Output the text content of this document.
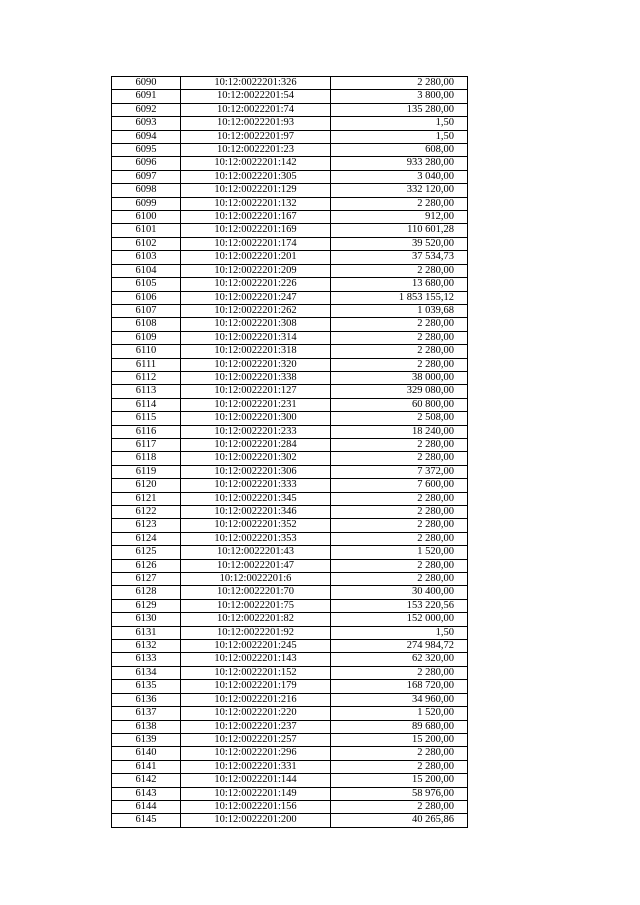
6090	10:12:0022201:326	2 280,00
6091	10:12:0022201:54	3 800,00
6092	10:12:0022201:74	135 280,00
6093	10:12:0022201:93	1,50
6094	10:12:0022201:97	1,50
6095	10:12:0022201:23	608,00
6096	10:12:0022201:142	933 280,00
6097	10:12:0022201:305	3 040,00
6098	10:12:0022201:129	332 120,00
6099	10:12:0022201:132	2 280,00
6100	10:12:0022201:167	912,00
6101	10:12:0022201:169	110 601,28
6102	10:12:0022201:174	39 520,00
6103	10:12:0022201:201	37 534,73
6104	10:12:0022201:209	2 280,00
6105	10:12:0022201:226	13 680,00
6106	10:12:0022201:247	1 853 155,12
6107	10:12:0022201:262	1 039,68
6108	10:12:0022201:308	2 280,00
6109	10:12:0022201:314	2 280,00
6110	10:12:0022201:318	2 280,00
6111	10:12:0022201:320	2 280,00
6112	10:12:0022201:338	38 000,00
6113	10:12:0022201:127	329 080,00
6114	10:12:0022201:231	60 800,00
6115	10:12:0022201:300	2 508,00
6116	10:12:0022201:233	18 240,00
6117	10:12:0022201:284	2 280,00
6118	10:12:0022201:302	2 280,00
6119	10:12:0022201:306	7 372,00
6120	10:12:0022201:333	7 600,00
6121	10:12:0022201:345	2 280,00
6122	10:12:0022201:346	2 280,00
6123	10:12:0022201:352	2 280,00
6124	10:12:0022201:353	2 280,00
6125	10:12:0022201:43	1 520,00
6126	10:12:0022201:47	2 280,00
6127	10:12:0022201:6	2 280,00
6128	10:12:0022201:70	30 400,00
6129	10:12:0022201:75	153 220,56
6130	10:12:0022201:82	152 000,00
6131	10:12:0022201:92	1,50
6132	10:12:0022201:245	274 984,72
6133	10:12:0022201:143	62 320,00
6134	10:12:0022201:152	2 280,00
6135	10:12:0022201:179	168 720,00
6136	10:12:0022201:216	34 960,00
6137	10:12:0022201:220	1 520,00
6138	10:12:0022201:237	89 680,00
6139	10:12:0022201:257	15 200,00
6140	10:12:0022201:296	2 280,00
6141	10:12:0022201:331	2 280,00
6142	10:12:0022201:144	15 200,00
6143	10:12:0022201:149	58 976,00
6144	10:12:0022201:156	2 280,00
6145	10:12:0022201:200	40 265,86
